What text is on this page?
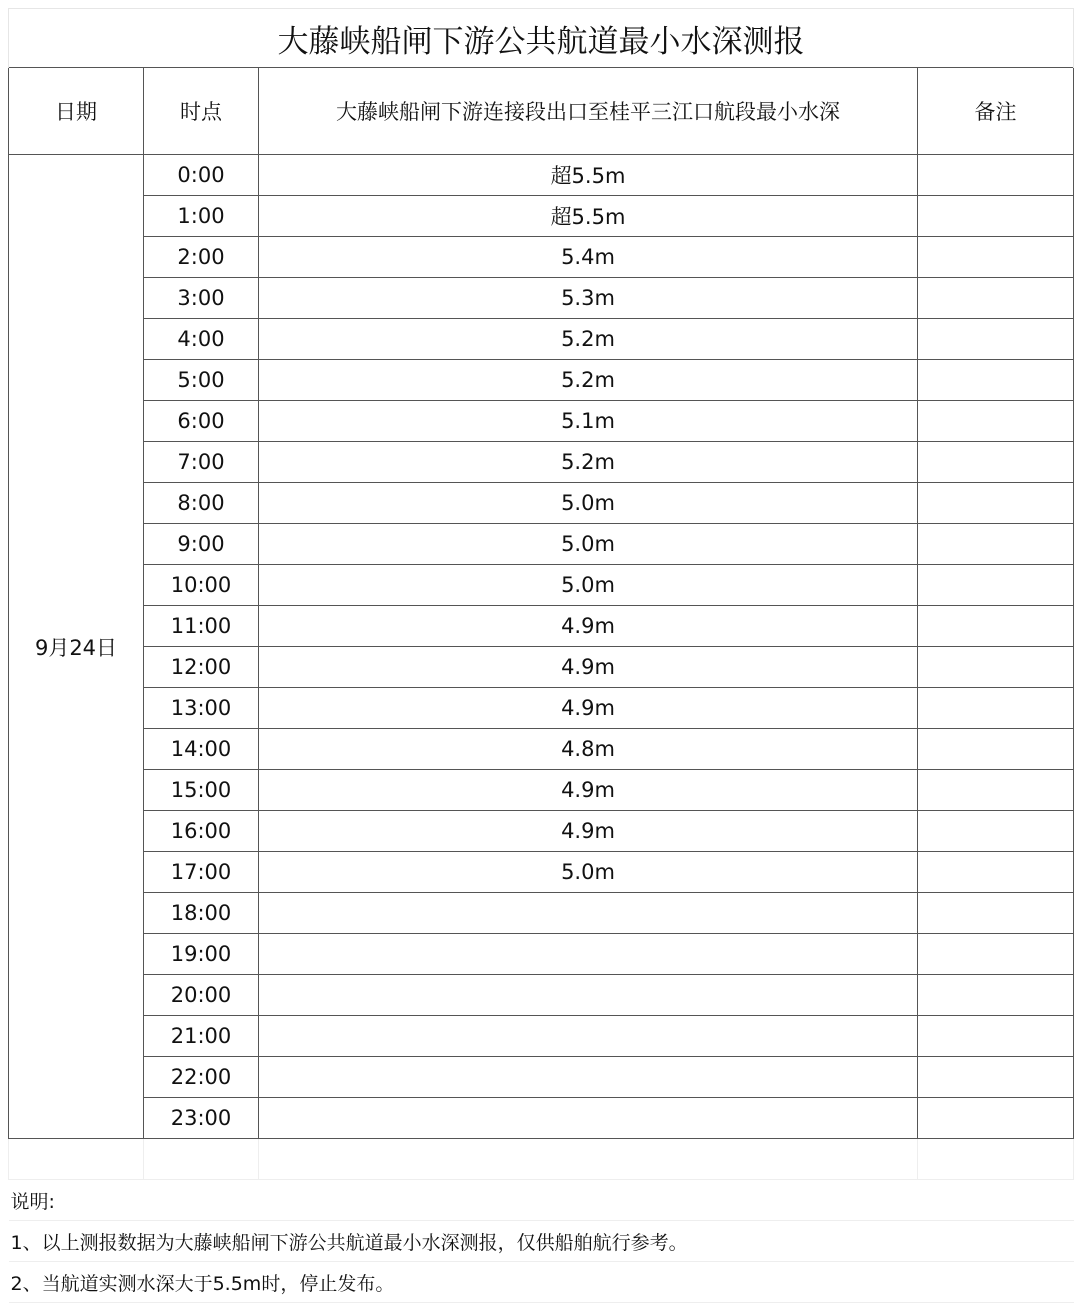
大藤峡船闸下游公共航道最小水深测报			
日期	时点	大藤峡船闸下游连接段出口至桂平三江口航段最小水深	备注
9月24日	0:00	超5.5m	
	1:00	超5.5m	
	2:00	5.4m	
	3:00	5.3m	
	4:00	5.2m	
	5:00	5.2m	
	6:00	5.1m	
	7:00	5.2m	
	8:00	5.0m	
	9:00	5.0m	
	10:00	5.0m	
	11:00	4.9m	
	12:00	4.9m	
	13:00	4.9m	
	14:00	4.8m	
	15:00	4.9m	
	16:00	4.9m	
	17:00	5.0m	
	18:00		
	19:00		
	20:00		
	21:00		
	22:00		
	23:00		

说明:			
1、以上测报数据为大藤峡船闸下游公共航道最小水深测报，仅供船舶航行参考。			
2、当航道实测水深大于5.5m时，停止发布。			
